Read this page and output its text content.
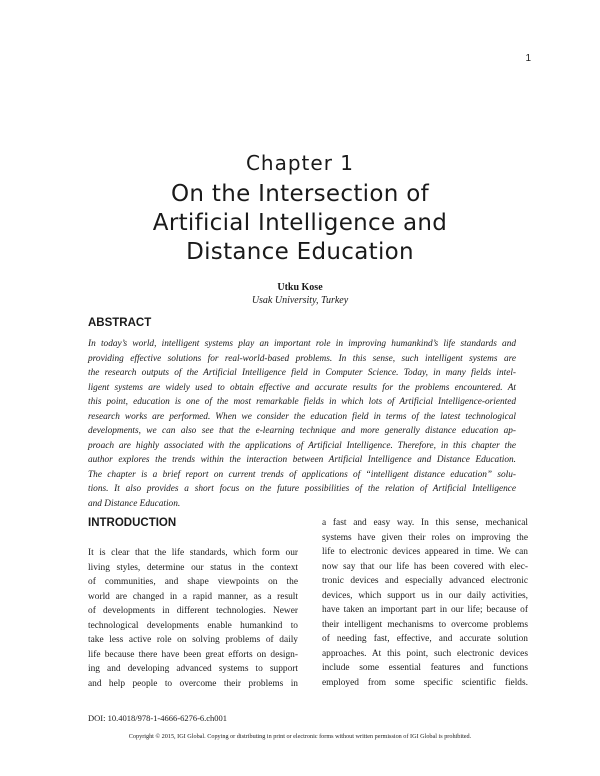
1
Chapter 1
On the Intersection of
Artificial Intelligence and
Distance Education
Utku Kose
Usak University, Turkey
ABSTRACT
In today’s world, intelligent systems play an important role in improving humankind’s life standards and
providing effective solutions for real-world-based problems. In this sense, such intelligent systems are
the research outputs of the Artificial Intelligence field in Computer Science. Today, in many fields intel-
ligent systems are widely used to obtain effective and accurate results for the problems encountered. At
this point, education is one of the most remarkable fields in which lots of Artificial Intelligence-oriented
research works are performed. When we consider the education field in terms of the latest technological
developments, we can also see that the e-learning technique and more generally distance education ap-
proach are highly associated with the applications of Artificial Intelligence. Therefore, in this chapter the
author explores the trends within the interaction between Artificial Intelligence and Distance Education.
The chapter is a brief report on current trends of applications of “intelligent distance education” solu-
tions. It also provides a short focus on the future possibilities of the relation of Artificial Intelligence
and Distance Education.
INTRODUCTION
It is clear that the life standards, which form our
living styles, determine our status in the context
of communities, and shape viewpoints on the
world are changed in a rapid manner, as a result
of developments in different technologies. Newer
technological developments enable humankind to
take less active role on solving problems of daily
life because there have been great efforts on design-
ing and developing advanced systems to support
and help people to overcome their problems in
a fast and easy way. In this sense, mechanical
systems have given their roles on improving the
life to electronic devices appeared in time. We can
now say that our life has been covered with elec-
tronic devices and especially advanced electronic
devices, which support us in our daily activities,
have taken an important part in our life; because of
their intelligent mechanisms to overcome problems
of needing fast, effective, and accurate solution
approaches. At this point, such electronic devices
include some essential features and functions
employed from some specific scientific fields.
DOI: 10.4018/978-1-4666-6276-6.ch001
Copyright © 2015, IGI Global. Copying or distributing in print or electronic forms without written permission of IGI Global is prohibited.
